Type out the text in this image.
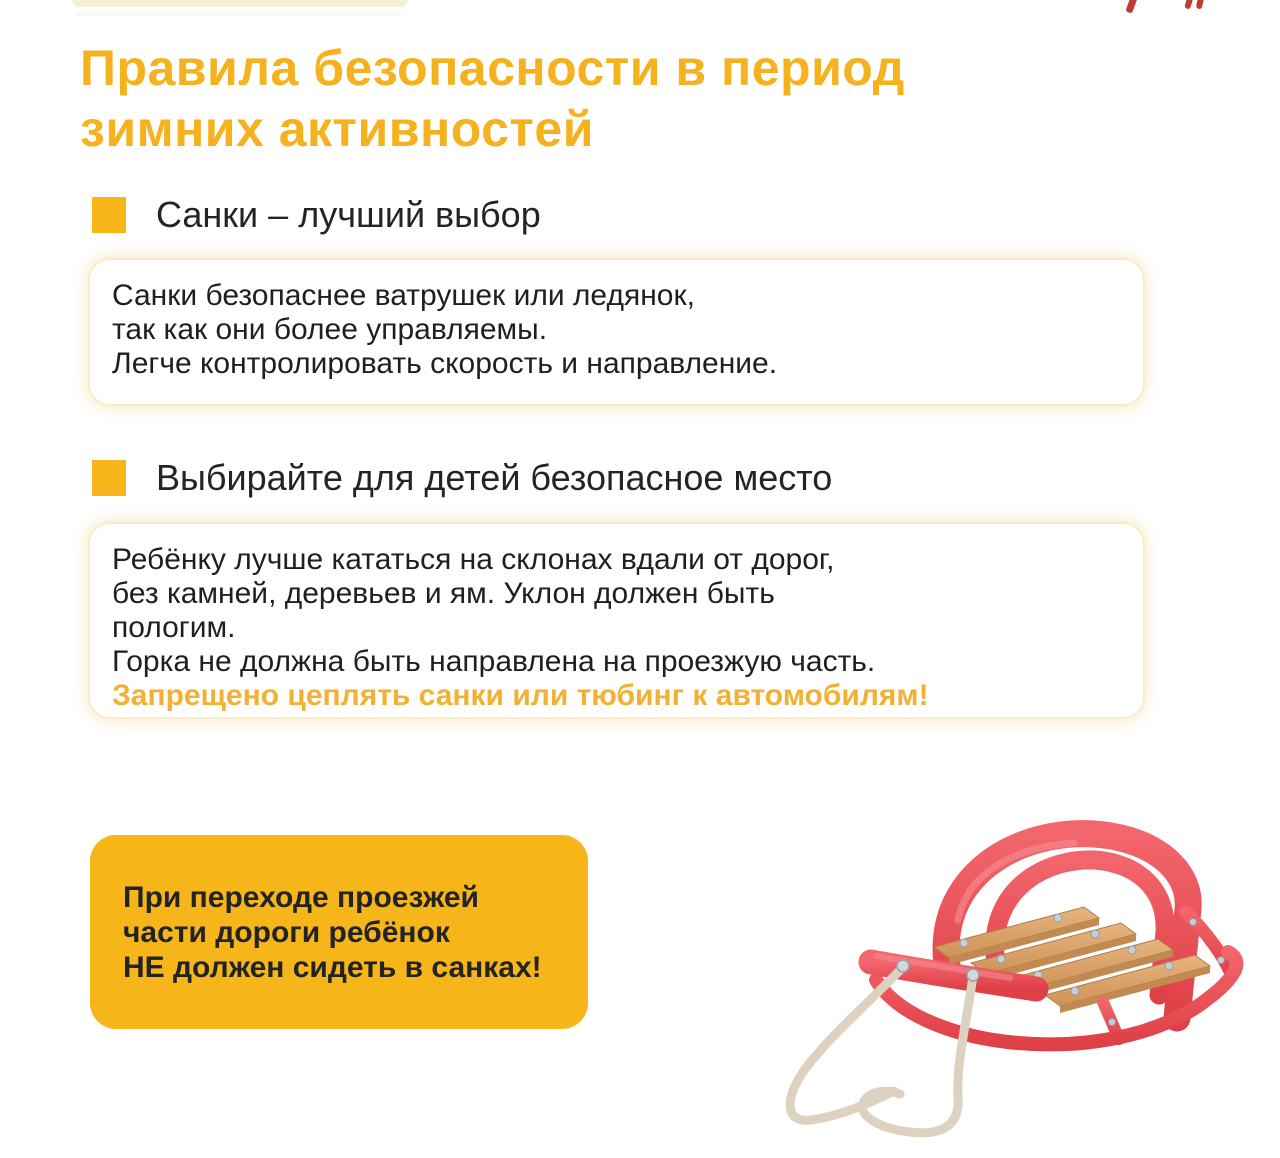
Правила безопасности в период
зимних активностей
Санки – лучший выбор

Санки безопаснее ватрушек или ледянок,

так как они более управляемы.

Легче контролировать скорость и направление.

Выбирайте для детей безопасное место

Ребёнку лучше кататься на склонах вдали от дорог,

без камней, деревьев и ям. Уклон должен быть

пологим.

Горка не должна быть направлена на проезжую часть.

Запрещено цеплять санки или тюбинг к автомобилям!

При переходе проезжей

части дороги ребёнок

НЕ должен сидеть в санках!
